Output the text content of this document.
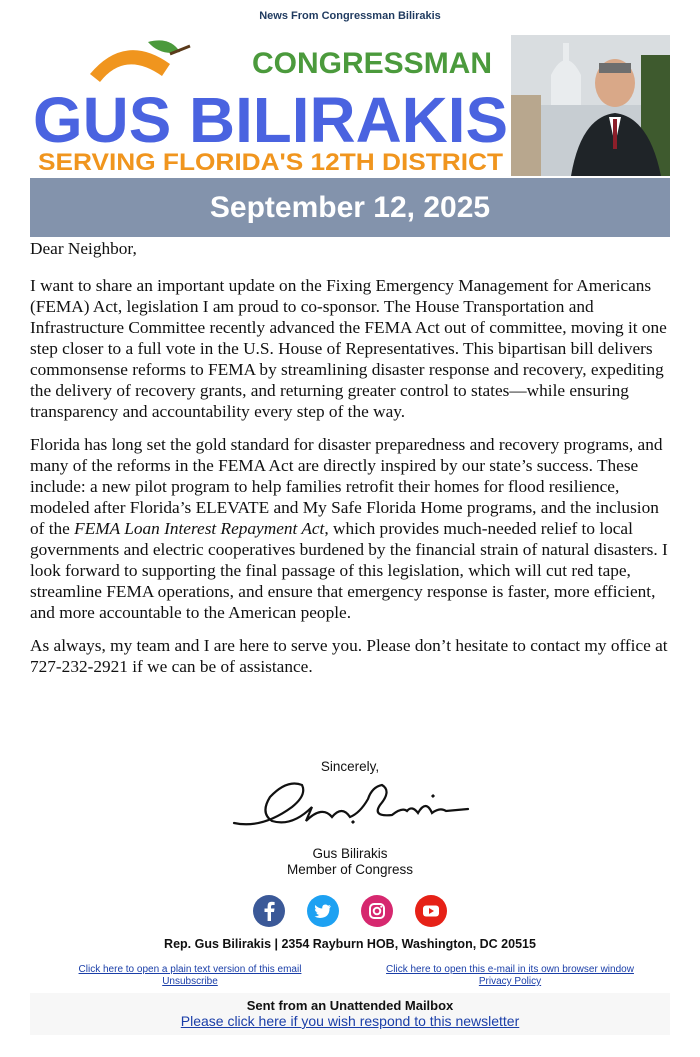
News From Congressman Bilirakis
CONGRESSMAN
GUS BILIRAKIS
SERVING FLORIDA'S 12TH DISTRICT
September 12, 2025

Dear Neighbor,

I want to share an important update on the Fixing Emergency Management for Americans (FEMA) Act, legislation I am proud to co-sponsor. The House Transportation and Infrastructure Committee recently advanced the FEMA Act out of committee, moving it one step closer to a full vote in the U.S. House of Representatives. This bipartisan bill delivers commonsense reforms to FEMA by streamlining disaster response and recovery, expediting the delivery of recovery grants, and returning greater control to states—while ensuring transparency and accountability every step of the way.

Florida has long set the gold standard for disaster preparedness and recovery programs, and many of the reforms in the FEMA Act are directly inspired by our state’s success. These include: a new pilot program to help families retrofit their homes for flood resilience, modeled after Florida’s ELEVATE and My Safe Florida Home programs, and the inclusion of the FEMA Loan Interest Repayment Act, which provides much-needed relief to local governments and electric cooperatives burdened by the financial strain of natural disasters. I look forward to supporting the final passage of this legislation, which will cut red tape, streamline FEMA operations, and ensure that emergency response is faster, more efficient, and more accountable to the American people.

As always, my team and I are here to serve you. Please don’t hesitate to contact my office at 727-232-2921 if we can be of assistance.

Sincerely,
Gus Bilirakis
Member of Congress

Rep. Gus Bilirakis | 2354 Rayburn HOB, Washington, DC 20515
Click here to open a plain text version of this email
Unsubscribe
Click here to open this e-mail in its own browser window
Privacy Policy
Sent from an Unattended Mailbox
Please click here if you wish respond to this newsletter
